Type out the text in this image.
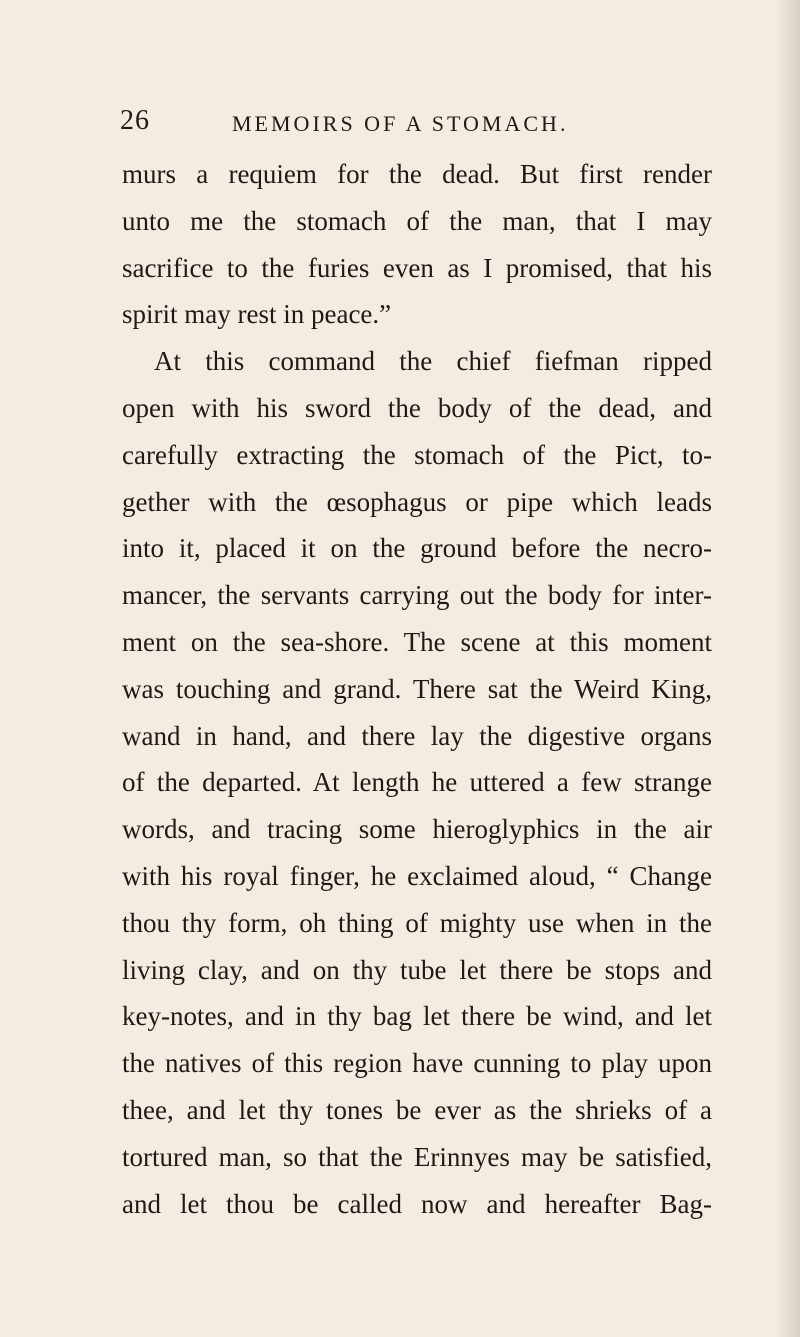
26	MEMOIRS OF A STOMACH.
murs a requiem for the dead. But first render
unto me the stomach of the man, that I may
sacrifice to the furies even as I promised, that his
spirit may rest in peace.”
At this command the chief fiefman ripped
open with his sword the body of the dead, and
carefully extracting the stomach of the Pict, to-
gether with the œsophagus or pipe which leads
into it, placed it on the ground before the necro-
mancer, the servants carrying out the body for inter-
ment on the sea-shore. The scene at this moment
was touching and grand. There sat the Weird King,
wand in hand, and there lay the digestive organs
of the departed. At length he uttered a few strange
words, and tracing some hieroglyphics in the air
with his royal finger, he exclaimed aloud, “ Change
thou thy form, oh thing of mighty use when in the
living clay, and on thy tube let there be stops and
key-notes, and in thy bag let there be wind, and let
the natives of this region have cunning to play upon
thee, and let thy tones be ever as the shrieks of a
tortured man, so that the Erinnyes may be satisfied,
and let thou be called now and hereafter Bag-
